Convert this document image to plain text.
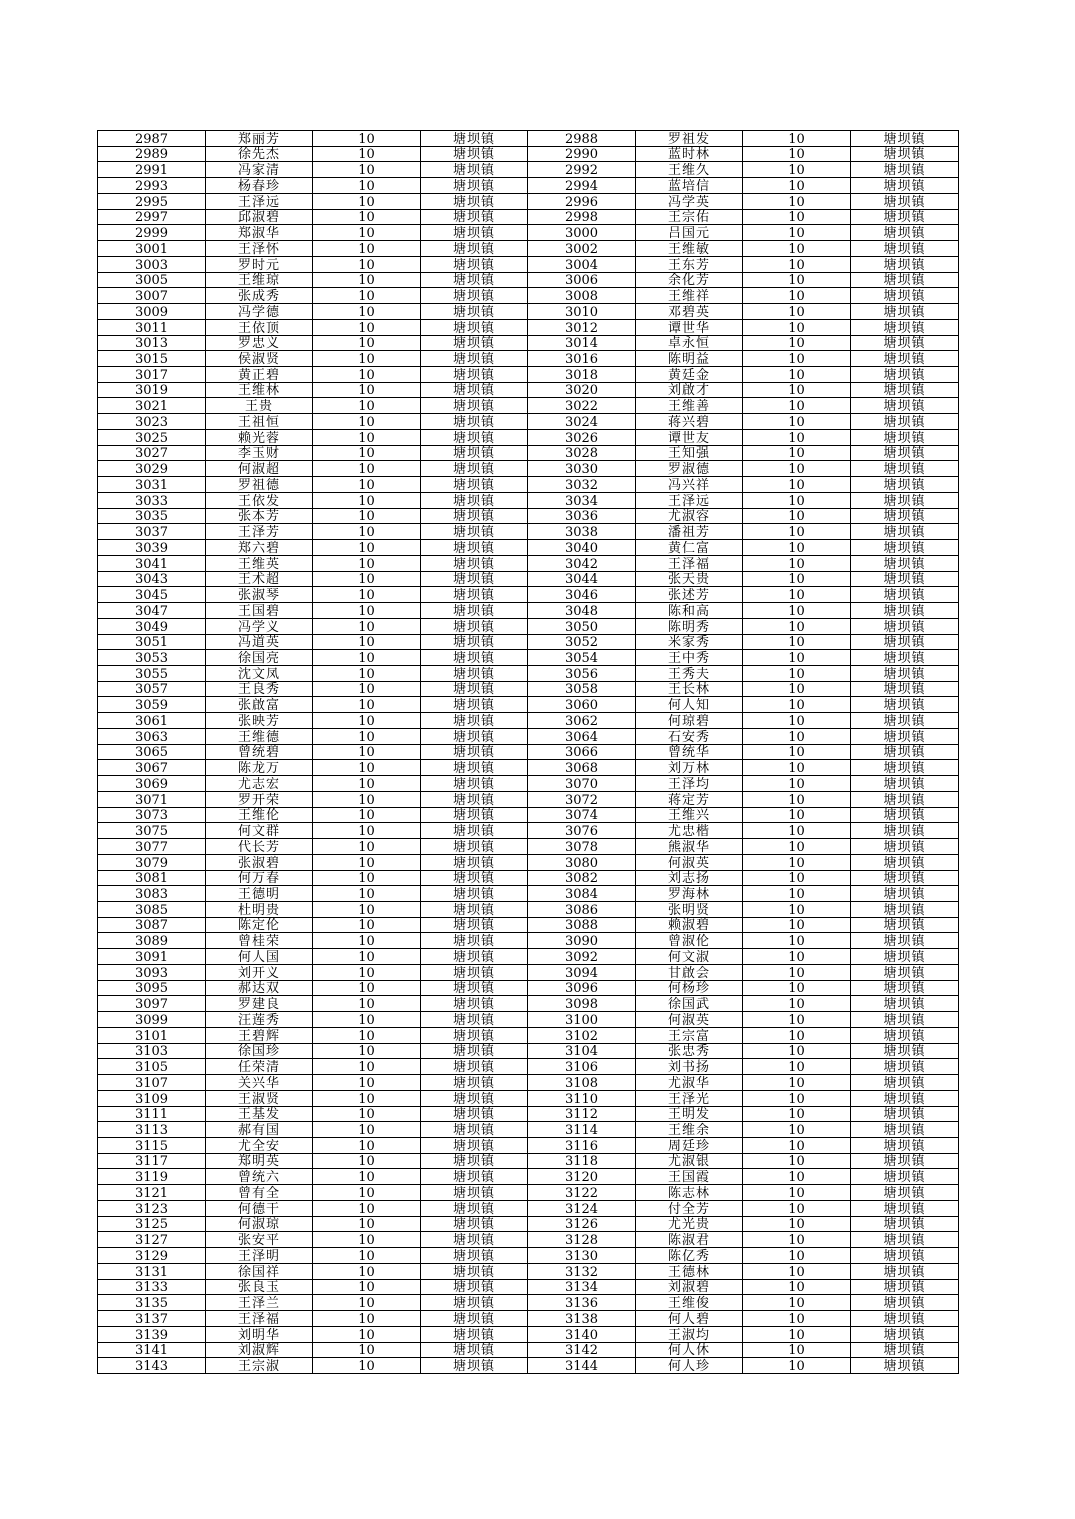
2987	郑丽芳	10	塘坝镇	2988	罗祖发	10	塘坝镇
2989	徐先杰	10	塘坝镇	2990	蓝时林	10	塘坝镇
2991	冯家清	10	塘坝镇	2992	王维久	10	塘坝镇
2993	杨春珍	10	塘坝镇	2994	蓝培信	10	塘坝镇
2995	王泽远	10	塘坝镇	2996	冯学英	10	塘坝镇
2997	邱淑碧	10	塘坝镇	2998	王宗佑	10	塘坝镇
2999	郑淑华	10	塘坝镇	3000	吕国元	10	塘坝镇
3001	王泽怀	10	塘坝镇	3002	王维敏	10	塘坝镇
3003	罗时元	10	塘坝镇	3004	王东芳	10	塘坝镇
3005	王维琼	10	塘坝镇	3006	余化芳	10	塘坝镇
3007	张成秀	10	塘坝镇	3008	王维祥	10	塘坝镇
3009	冯学德	10	塘坝镇	3010	邓碧英	10	塘坝镇
3011	王依顶	10	塘坝镇	3012	谭世华	10	塘坝镇
3013	罗忠义	10	塘坝镇	3014	卓永恒	10	塘坝镇
3015	侯淑贤	10	塘坝镇	3016	陈明益	10	塘坝镇
3017	黄正碧	10	塘坝镇	3018	黄廷金	10	塘坝镇
3019	王维林	10	塘坝镇	3020	刘啟才	10	塘坝镇
3021	王贵	10	塘坝镇	3022	王维善	10	塘坝镇
3023	王祖恒	10	塘坝镇	3024	蒋兴碧	10	塘坝镇
3025	赖光蓉	10	塘坝镇	3026	谭世友	10	塘坝镇
3027	李玉财	10	塘坝镇	3028	王知强	10	塘坝镇
3029	何淑超	10	塘坝镇	3030	罗淑德	10	塘坝镇
3031	罗祖德	10	塘坝镇	3032	冯兴祥	10	塘坝镇
3033	王依发	10	塘坝镇	3034	王泽远	10	塘坝镇
3035	张本芳	10	塘坝镇	3036	尤淑容	10	塘坝镇
3037	王泽芳	10	塘坝镇	3038	潘祖芳	10	塘坝镇
3039	郑六碧	10	塘坝镇	3040	黄仁富	10	塘坝镇
3041	王维英	10	塘坝镇	3042	王泽福	10	塘坝镇
3043	王术超	10	塘坝镇	3044	张天贵	10	塘坝镇
3045	张淑琴	10	塘坝镇	3046	张述芳	10	塘坝镇
3047	王国碧	10	塘坝镇	3048	陈和高	10	塘坝镇
3049	冯学义	10	塘坝镇	3050	陈明秀	10	塘坝镇
3051	冯道英	10	塘坝镇	3052	米家秀	10	塘坝镇
3053	徐国亮	10	塘坝镇	3054	王中秀	10	塘坝镇
3055	沈文凤	10	塘坝镇	3056	王秀夫	10	塘坝镇
3057	王良秀	10	塘坝镇	3058	王长林	10	塘坝镇
3059	张啟富	10	塘坝镇	3060	何人知	10	塘坝镇
3061	张映芳	10	塘坝镇	3062	何琼碧	10	塘坝镇
3063	王维德	10	塘坝镇	3064	石安秀	10	塘坝镇
3065	曾统碧	10	塘坝镇	3066	曾统华	10	塘坝镇
3067	陈龙万	10	塘坝镇	3068	刘万林	10	塘坝镇
3069	尤志宏	10	塘坝镇	3070	王泽均	10	塘坝镇
3071	罗开荣	10	塘坝镇	3072	蒋定芳	10	塘坝镇
3073	王维伦	10	塘坝镇	3074	王维兴	10	塘坝镇
3075	何文群	10	塘坝镇	3076	尤忠楷	10	塘坝镇
3077	代长芳	10	塘坝镇	3078	熊淑华	10	塘坝镇
3079	张淑碧	10	塘坝镇	3080	何淑英	10	塘坝镇
3081	何万春	10	塘坝镇	3082	刘志扬	10	塘坝镇
3083	王德明	10	塘坝镇	3084	罗海林	10	塘坝镇
3085	杜明贵	10	塘坝镇	3086	张明贤	10	塘坝镇
3087	陈定伦	10	塘坝镇	3088	赖淑碧	10	塘坝镇
3089	曾桂荣	10	塘坝镇	3090	曾淑伦	10	塘坝镇
3091	何人国	10	塘坝镇	3092	何文淑	10	塘坝镇
3093	刘开义	10	塘坝镇	3094	甘啟会	10	塘坝镇
3095	郝达双	10	塘坝镇	3096	何杨珍	10	塘坝镇
3097	罗建良	10	塘坝镇	3098	徐国武	10	塘坝镇
3099	汪莲秀	10	塘坝镇	3100	何淑英	10	塘坝镇
3101	王碧辉	10	塘坝镇	3102	王宗富	10	塘坝镇
3103	徐国珍	10	塘坝镇	3104	张忠秀	10	塘坝镇
3105	任荣清	10	塘坝镇	3106	刘书扬	10	塘坝镇
3107	关兴华	10	塘坝镇	3108	尤淑华	10	塘坝镇
3109	王淑贤	10	塘坝镇	3110	王泽光	10	塘坝镇
3111	王基发	10	塘坝镇	3112	王明发	10	塘坝镇
3113	郝有国	10	塘坝镇	3114	王维余	10	塘坝镇
3115	尤全安	10	塘坝镇	3116	周廷珍	10	塘坝镇
3117	郑明英	10	塘坝镇	3118	尤淑银	10	塘坝镇
3119	曾统六	10	塘坝镇	3120	王国霞	10	塘坝镇
3121	曾有全	10	塘坝镇	3122	陈志林	10	塘坝镇
3123	何德干	10	塘坝镇	3124	付全芳	10	塘坝镇
3125	何淑琼	10	塘坝镇	3126	尤光贵	10	塘坝镇
3127	张安平	10	塘坝镇	3128	陈淑君	10	塘坝镇
3129	王泽明	10	塘坝镇	3130	陈亿秀	10	塘坝镇
3131	徐国祥	10	塘坝镇	3132	王德林	10	塘坝镇
3133	张良玉	10	塘坝镇	3134	刘淑碧	10	塘坝镇
3135	王泽兰	10	塘坝镇	3136	王维俊	10	塘坝镇
3137	王泽福	10	塘坝镇	3138	何人碧	10	塘坝镇
3139	刘明华	10	塘坝镇	3140	王淑均	10	塘坝镇
3141	刘淑辉	10	塘坝镇	3142	何人休	10	塘坝镇
3143	王宗淑	10	塘坝镇	3144	何人珍	10	塘坝镇
